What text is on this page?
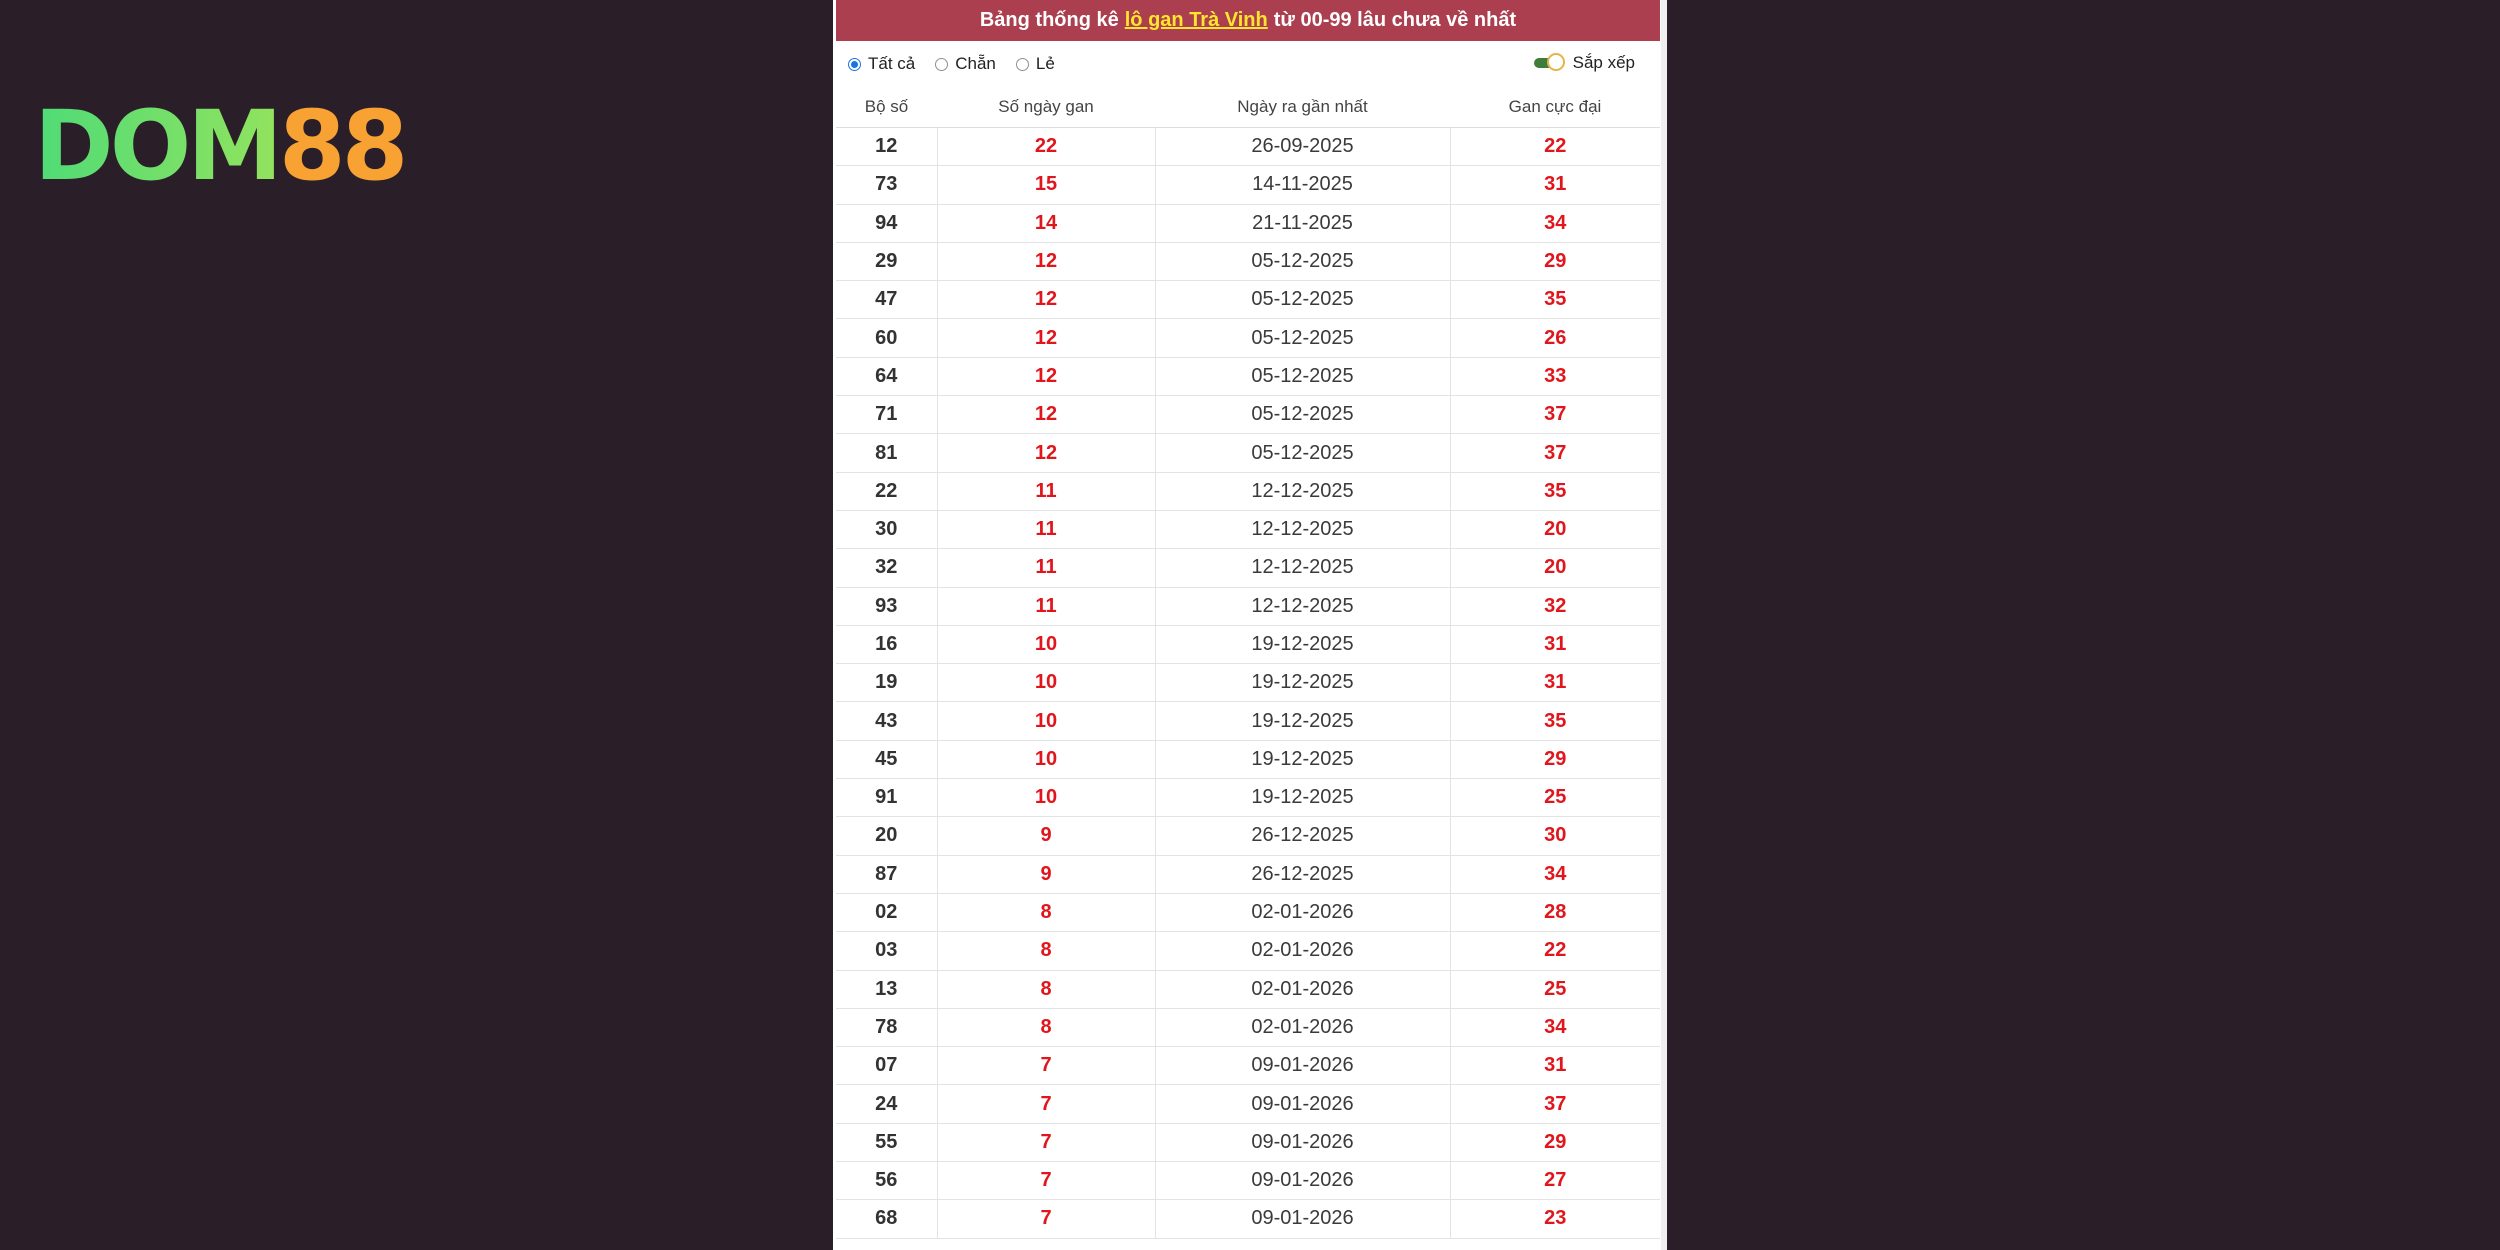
DOM 88
Bảng thống kê lô gan Trà Vinh từ 00-99 lâu chưa về nhất
Tất cả Chẵn Lẻ	Sắp xếp
Bộ số	Số ngày gan	Ngày ra gần nhất	Gan cực đại
12	22	26-09-2025	22
73	15	14-11-2025	31
94	14	21-11-2025	34
29	12	05-12-2025	29
47	12	05-12-2025	35
60	12	05-12-2025	26
64	12	05-12-2025	33
71	12	05-12-2025	37
81	12	05-12-2025	37
22	11	12-12-2025	35
30	11	12-12-2025	20
32	11	12-12-2025	20
93	11	12-12-2025	32
16	10	19-12-2025	31
19	10	19-12-2025	31
43	10	19-12-2025	35
45	10	19-12-2025	29
91	10	19-12-2025	25
20	9	26-12-2025	30
87	9	26-12-2025	34
02	8	02-01-2026	28
03	8	02-01-2026	22
13	8	02-01-2026	25
78	8	02-01-2026	34
07	7	09-01-2026	31
24	7	09-01-2026	37
55	7	09-01-2026	29
56	7	09-01-2026	27
68	7	09-01-2026	23
